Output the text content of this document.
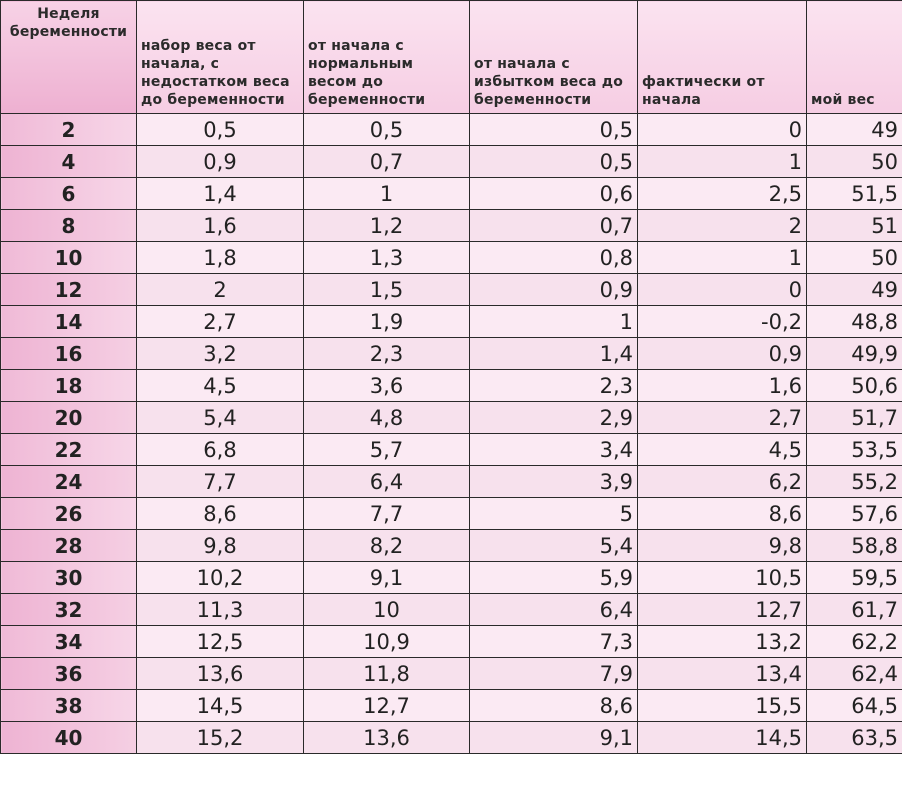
Неделя беременности	набор веса от начала, с недостатком веса до беременности	от начала с нормальным весом до беременности	от начала с избытком веса до беременности	фактически от начала	мой вес
2	0,5	0,5	0,5	0	49
4	0,9	0,7	0,5	1	50
6	1,4	1	0,6	2,5	51,5
8	1,6	1,2	0,7	2	51
10	1,8	1,3	0,8	1	50
12	2	1,5	0,9	0	49
14	2,7	1,9	1	-0,2	48,8
16	3,2	2,3	1,4	0,9	49,9
18	4,5	3,6	2,3	1,6	50,6
20	5,4	4,8	2,9	2,7	51,7
22	6,8	5,7	3,4	4,5	53,5
24	7,7	6,4	3,9	6,2	55,2
26	8,6	7,7	5	8,6	57,6
28	9,8	8,2	5,4	9,8	58,8
30	10,2	9,1	5,9	10,5	59,5
32	11,3	10	6,4	12,7	61,7
34	12,5	10,9	7,3	13,2	62,2
36	13,6	11,8	7,9	13,4	62,4
38	14,5	12,7	8,6	15,5	64,5
40	15,2	13,6	9,1	14,5	63,5
